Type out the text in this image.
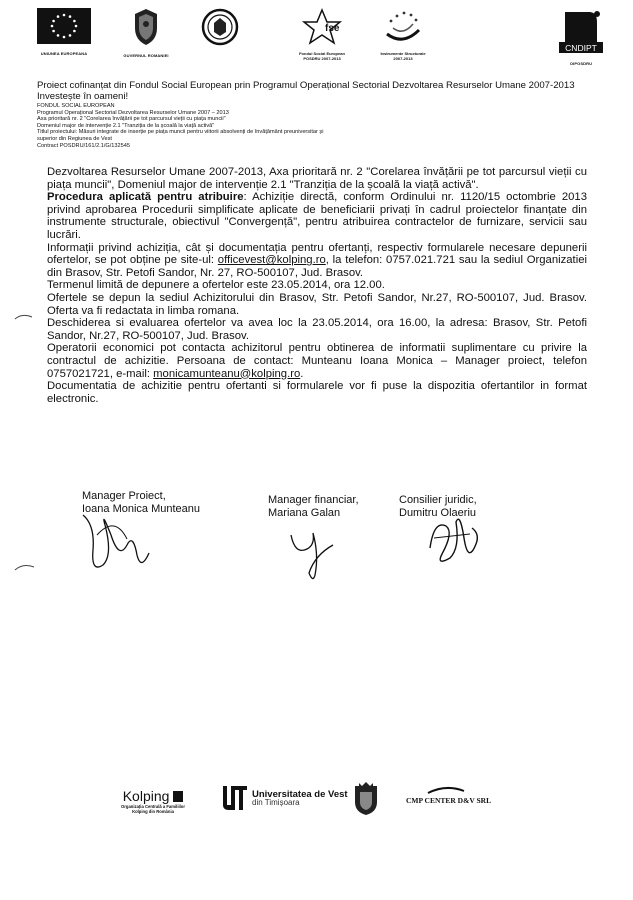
UNIUNEA EUROPEANA	GUVERNUL ROMANIEI
fse
Fondul Social European
POSDRU 2007-2013
Instrumente Structurale
2007-2013
CNDIPT
OIPOSDRU
Proiect cofinanțat din Fondul Social European prin Programul Operațional Sectorial Dezvoltarea Resurselor Umane 2007-2013
Investește în oameni!
FONDUL SOCIAL EUROPEAN
Programul Operațional Sectorial Dezvoltarea Resurselor Umane 2007 – 2013
Axa prioritară nr. 2 "Corelarea învățării pe tot parcursul vieții cu piața muncii"
Domeniul major de intervenție 2.1 "Tranziția de la școală la viață activă"
Titlul proiectului: Măsuri integrate de inserție pe piața muncii pentru viitorii absolvenți de învățământ preuniversitar și
superior din Regiunea de Vest
Contract POSDRU/161/2.1/G/132545

Dezvoltarea Resurselor Umane 2007-2013, Axa prioritară nr. 2 "Corelarea învățării pe tot parcursul vieții cu piața muncii", Domeniul major de intervenție 2.1 "Tranziția de la școală la viață activă".

Procedura aplicată pentru atribuire: Achiziție directă, conform Ordinului nr. 1120/15 octombrie 2013 privind aprobarea Procedurii simplificate aplicate de beneficiarii privați în cadrul proiectelor finanțate din instrumente structurale, obiectivul "Convergență", pentru atribuirea contractelor de furnizare, servicii sau lucrări.

Informații privind achiziția, cât și documentația pentru ofertanți, respectiv formularele necesare depunerii ofertelor, se pot obține pe site-ul: officevest@kolping.ro, la telefon: 0757.021.721 sau la sediul Organizatiei din Brasov, Str. Petofi Sandor, Nr. 27, RO-500107, Jud. Brasov.

Termenul limită de depunere a ofertelor este 23.05.2014, ora 12.00.

Ofertele se depun la sediul Achizitorului din Brasov, Str. Petofi Sandor, Nr.27, RO-500107, Jud. Brasov. Oferta va fi redactata in limba romana.

Deschiderea si evaluarea ofertelor va avea loc la 23.05.2014, ora 16.00, la adresa: Brasov, Str. Petofi Sandor, Nr.27, RO-500107, Jud. Brasov.

Operatorii economici pot contacta achizitorul pentru obtinerea de informatii suplimentare cu privire la contractul de achizitie. Persoana de contact: Munteanu Ioana Monica – Manager proiect, telefon 0757021721, e-mail: monicamunteanu@kolping.ro.

Documentatia de achizitie pentru ofertanti si formularele vor fi puse la dispozitia ofertantilor in format electronic.

Manager Proiect,
Ioana Monica Munteanu
Manager financiar,
Mariana Galan
Consilier juridic,
Dumitru Olaeriu
Kolping
Organizația Centrală a Familiilor
Kolping din România
Universitatea de Vest
din Timișoara	CMP CENTER D&V SRL
